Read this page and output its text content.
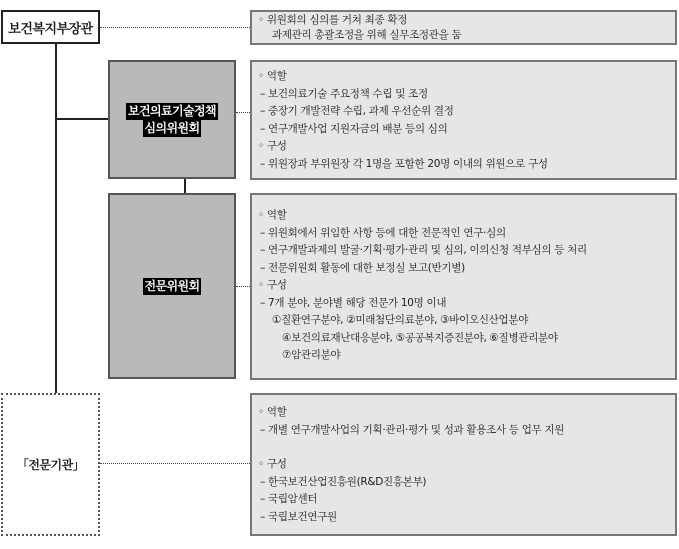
보건복지부장관
보건의료기술정책
심의위원회
전문위원회
「전문기관」
◦ 위원회의 심의를 거쳐 최종 확정
과제관리 총괄조정을 위해 실무조정관을 둠
◦ 역할
– 보건의료기술 주요정책 수립 및 조정
– 중장기 개발전략 수립, 과제 우선순위 결정
– 연구개발사업 지원자금의 배분 등의 심의
◦ 구성
– 위원장과 부위원장 각 1명을 포함한 20명 이내의 위원으로 구성
◦ 역할
– 위원회에서 위임한 사항 등에 대한 전문적인 연구·심의
– 연구개발과제의 발굴·기획·평가·관리 및 심의, 이의신청 적부심의 등 처리
– 전문위원회 활동에 대한 보정실 보고(반기별)
◦ 구성
– 7개 분야, 분야별 해당 전문가 10명 이내
①질환연구분야, ②미래첨단의료분야, ③바이오신산업분야
④보건의료재난대응분야, ⑤공공복지증진분야, ⑥질병관리분야
⑦암관리분야
◦ 역할
– 개별 연구개발사업의 기획·관리·평가 및 성과 활용조사 등 업무 지원
◦ 구성
– 한국보건산업진흥원(R&D진흥본부)
– 국립암센터
– 국립보건연구원
